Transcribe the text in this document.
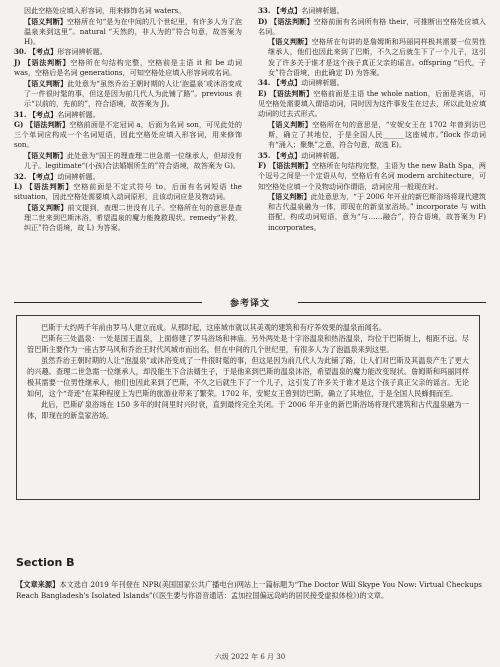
因此空格处应填入形容词，用来修饰名词 waters。

【语义判断】空格所在句“是为在中间的几个世纪里，有许多人为了泡温泉来到这里”。natural “天然的，非人为的”符合句意，故答案为 H)。

30. 【考点】形容词辨析题。

J) 【语法判断】空格所在句结构完整，空格前是主语 it 和 be 动词 was，空格后是名词 generations，可知空格处应填入形容词或名词。

【语义判断】此处意为“虽然乔治王朝时期的人让‘泡温泉’或沐浴变成了一件很时髦的事，但这是因为前几代人为此铺了路”。previous 表示“以前的，先前的”，符合语境，故答案为 J)。

31. 【考点】名词辨析题。

G) 【语法判断】空格前面是不定冠词 a，后面为名词 son，可见此处的三个单词应构成一个名词短语，因此空格处应填入形容词，用来修饰 son。

【语义判断】此处意为“国王的理查理二世急需一位继承人，但却没有儿子。legitimate“(小孩)合法婚姻所生的”符合语境，故答案为 G)。

32. 【考点】动词辨析题。

L) 【语法判断】空格前面是不定式符号 to，后面有名词短语 the situation，因此空格处需要填入动词原形，且该动词应是及物动词。

【语义判断】前文提到，查理二世没有儿子。空格所在句的意思是查理二世来到巴斯沐浴，希望温泉的魔力能挽救现状。remedy“补救，纠正”符合语境，故 L) 为答案。

33. 【考点】名词辨析题。

D) 【语法判断】空格前面有名词所有格 their，可推断出空格处应填入名词。

【语义判断】空格所在句讲的是詹姆斯和玛丽同样极其需要一位男性继承人，他们也因此来到了巴斯，不久之后就生下了一个儿子，这引发了许多关于谁才是这个孩子真正父亲的谣言。offspring “后代，子女”符合语境，由此确定 D) 为答案。

34. 【考点】动词辨析题。

E) 【语法判断】空格前面是主语 the whole nation，后面是宾语，可见空格处需要填入谓语动词，同时因为这件事发生在过去，所以此处应填动词的过去式形式。

【语义判断】空格所在句的意思是，“安妮女王在 1702 年曾到访巴斯，确立了其地位，于是全国人民______这座城市。”flock 作动词有“涌入；聚集”之意，符合句意，故选 E)。

35. 【考点】动词辨析题。

F) 【语法判断】空格所在句结构完整，主语为 the new Bath Spa，两个逗号之间是一个定语从句，空格后有名词 modern architecture，可知空格处应填一个及物动词作谓语，动词应用一般现在时。

【语义判断】此处意思为，“于 2006 年开业的新巴斯浴场将现代建筑和古代温泉融为一体，即现在的新皇家浴场。” incorporate 与 with 搭配，构成动词短语，意为“与……融合”，符合语境，故答案为 F) incorporates。

参考译文

巴斯于大约两千年前由罗马人建立而成。从那时起，这座城市就以其美观的建筑和有疗养效果的温泉而闻名。

巴斯有三处温泉：一处是国王温泉，上面修建了罗马浴场和神庙。另外两处是十字浴温泉和热浴温泉，均位于巴斯街上，相距不远。尽管巴斯主要作为一座古罗马风和乔治王时代风城市而出名，但在中间的几个世纪里，有很多人为了泡温泉来到这里。

虽然乔治王朝时期的人让“泡温泉”或沐浴变成了一件很时髦的事，但这是因为前几代人为此铺了路，让人们对巴斯及其温泉产生了更大的兴趣。查理二世急需一位继承人，却没能生下合法婿生子，于是他来到巴斯的温泉沐浴，希望温泉的魔力能改变现状。詹姆斯和玛丽同样极其需要一位男性继承人，他们也因此来到了巴斯，不久之后就生下了一个儿子，这引发了许多关于谁才是这个孩子真正父亲的谣言。无论如何，这个“奇迹”在某种程度上为巴斯的旅游业带来了繁荣。1702 年，安妮女王曾到访巴斯，确立了其地位，于是全国人民蜂拥而至。

此后，巴斯矿泉浴场在 150 多年的时间里时兴时衰，直到最终完全关闭。于 2006 年开业的新巴斯浴场将现代建筑和古代温泉融为一体，即现在的新皇家浴场。

Section B
【文章来源】本文选自 2019 年刊登在 NPR(美国国家公共广播电台)网站上一篇标题为“The Doctor Will Skype You Now: Virtual Checkups Reach Bangladesh's Isolated Islands”(《医生要与你语音通话：孟加拉国偏远岛屿的居民接受虚拟体检》)的文章。
六级 2022 年 6 月 30
